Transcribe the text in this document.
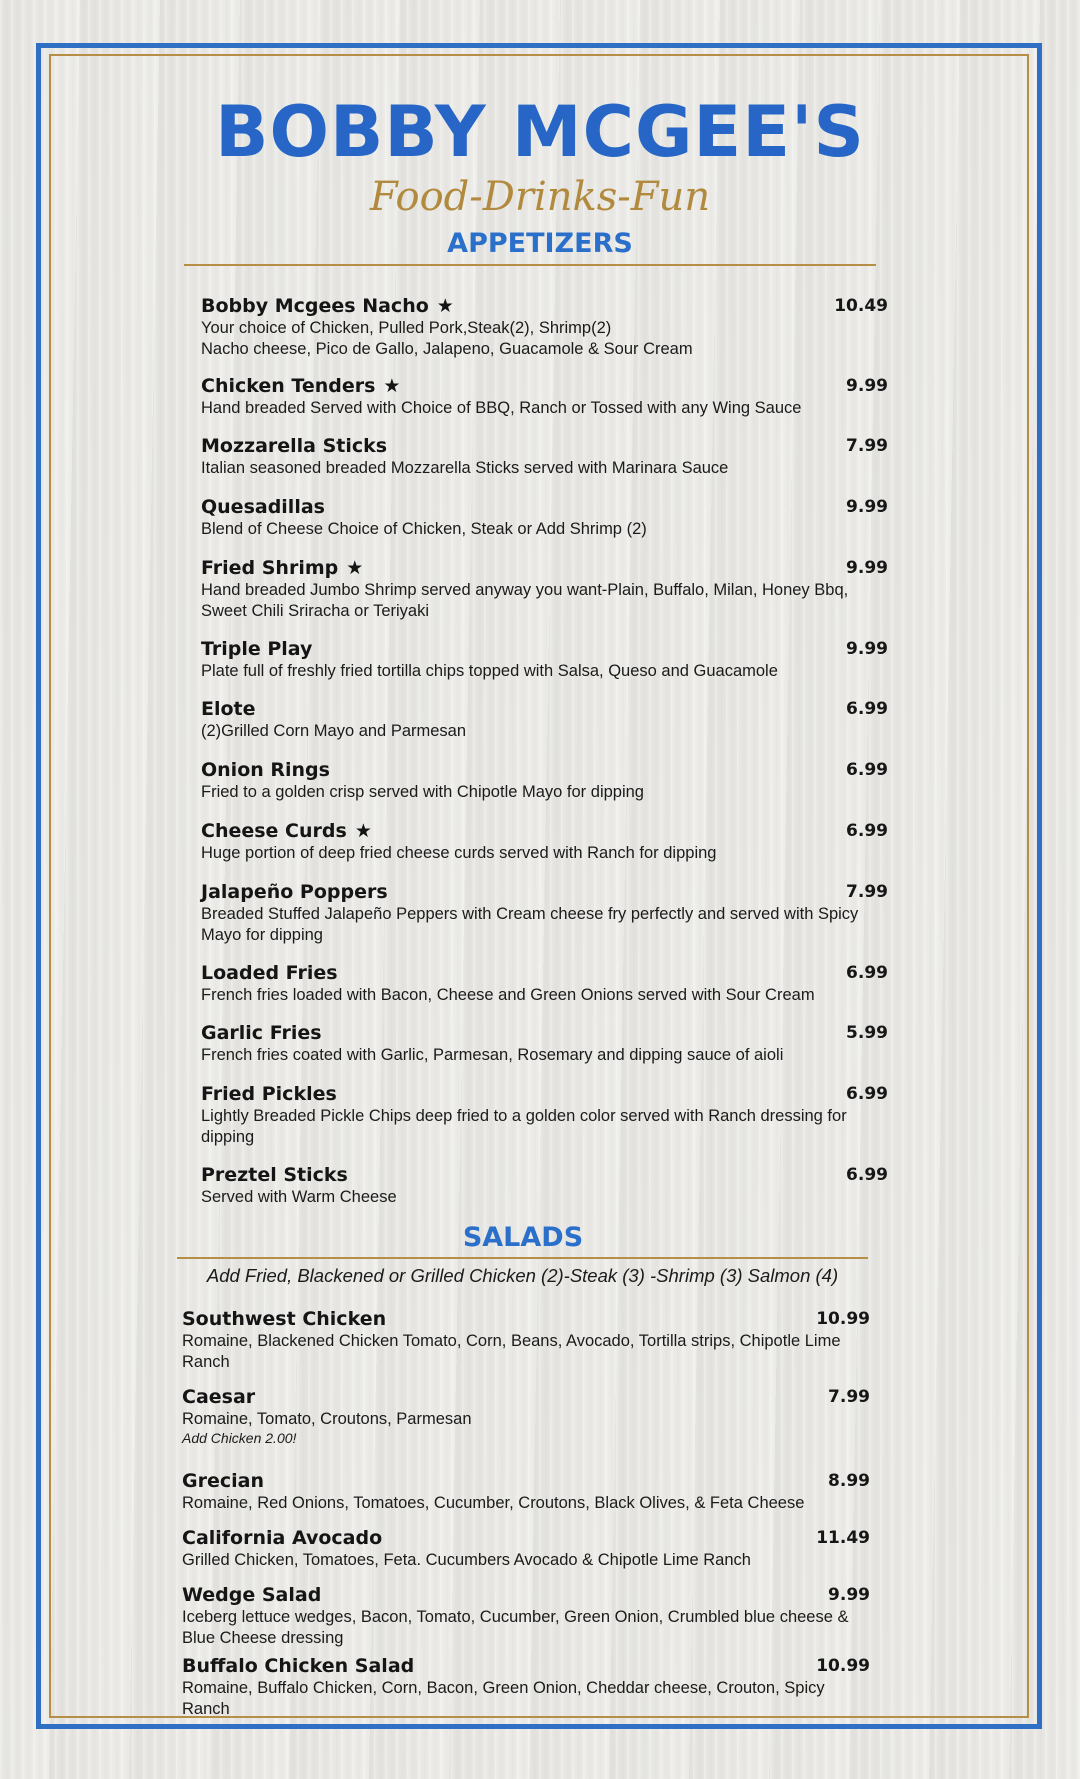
BOBBY MCGEE'S
Food-Drinks-Fun
APPETIZERS
Bobby Mcgees Nacho ★	10.49
Your choice of Chicken, Pulled Pork,Steak(2), Shrimp(2)
Nacho cheese, Pico de Gallo, Jalapeno, Guacamole & Sour Cream
Chicken Tenders ★	9.99
Hand breaded Served with Choice of BBQ, Ranch or Tossed with any Wing Sauce
Mozzarella Sticks	7.99
Italian seasoned breaded Mozzarella Sticks served with Marinara Sauce
Quesadillas	9.99
Blend of Cheese Choice of Chicken, Steak or Add Shrimp (2)
Fried Shrimp ★	9.99
Hand breaded Jumbo Shrimp served anyway you want-Plain, Buffalo, Milan, Honey Bbq,
Sweet Chili Sriracha or Teriyaki
Triple Play	9.99
Plate full of freshly fried tortilla chips topped with Salsa, Queso and Guacamole
Elote	6.99
(2)Grilled Corn Mayo and Parmesan
Onion Rings	6.99
Fried to a golden crisp served with Chipotle Mayo for dipping
Cheese Curds ★	6.99
Huge portion of deep fried cheese curds served with Ranch for dipping
Jalapeño Poppers	7.99
Breaded Stuffed Jalapeño Peppers with Cream cheese fry perfectly and served with Spicy
Mayo for dipping
Loaded Fries	6.99
French fries loaded with Bacon, Cheese and Green Onions served with Sour Cream
Garlic Fries	5.99
French fries coated with Garlic, Parmesan, Rosemary and dipping sauce of aioli
Fried Pickles	6.99
Lightly Breaded Pickle Chips deep fried to a golden color served with Ranch dressing for
dipping
Preztel Sticks	6.99
Served with Warm Cheese
SALADS
Add Fried, Blackened or Grilled Chicken (2)-Steak (3) -Shrimp (3) Salmon (4)
Southwest Chicken	10.99
Romaine, Blackened Chicken Tomato, Corn, Beans, Avocado, Tortilla strips, Chipotle Lime
Ranch
Caesar	7.99
Romaine, Tomato, Croutons, Parmesan
Add Chicken 2.00!
Grecian	8.99
Romaine, Red Onions, Tomatoes, Cucumber, Croutons, Black Olives, & Feta Cheese
California Avocado	11.49
Grilled Chicken, Tomatoes, Feta. Cucumbers Avocado & Chipotle Lime Ranch
Wedge Salad	9.99
Iceberg lettuce wedges, Bacon, Tomato, Cucumber, Green Onion, Crumbled blue cheese &
Blue Cheese dressing
Buffalo Chicken Salad	10.99
Romaine, Buffalo Chicken, Corn, Bacon, Green Onion, Cheddar cheese, Crouton, Spicy
Ranch
